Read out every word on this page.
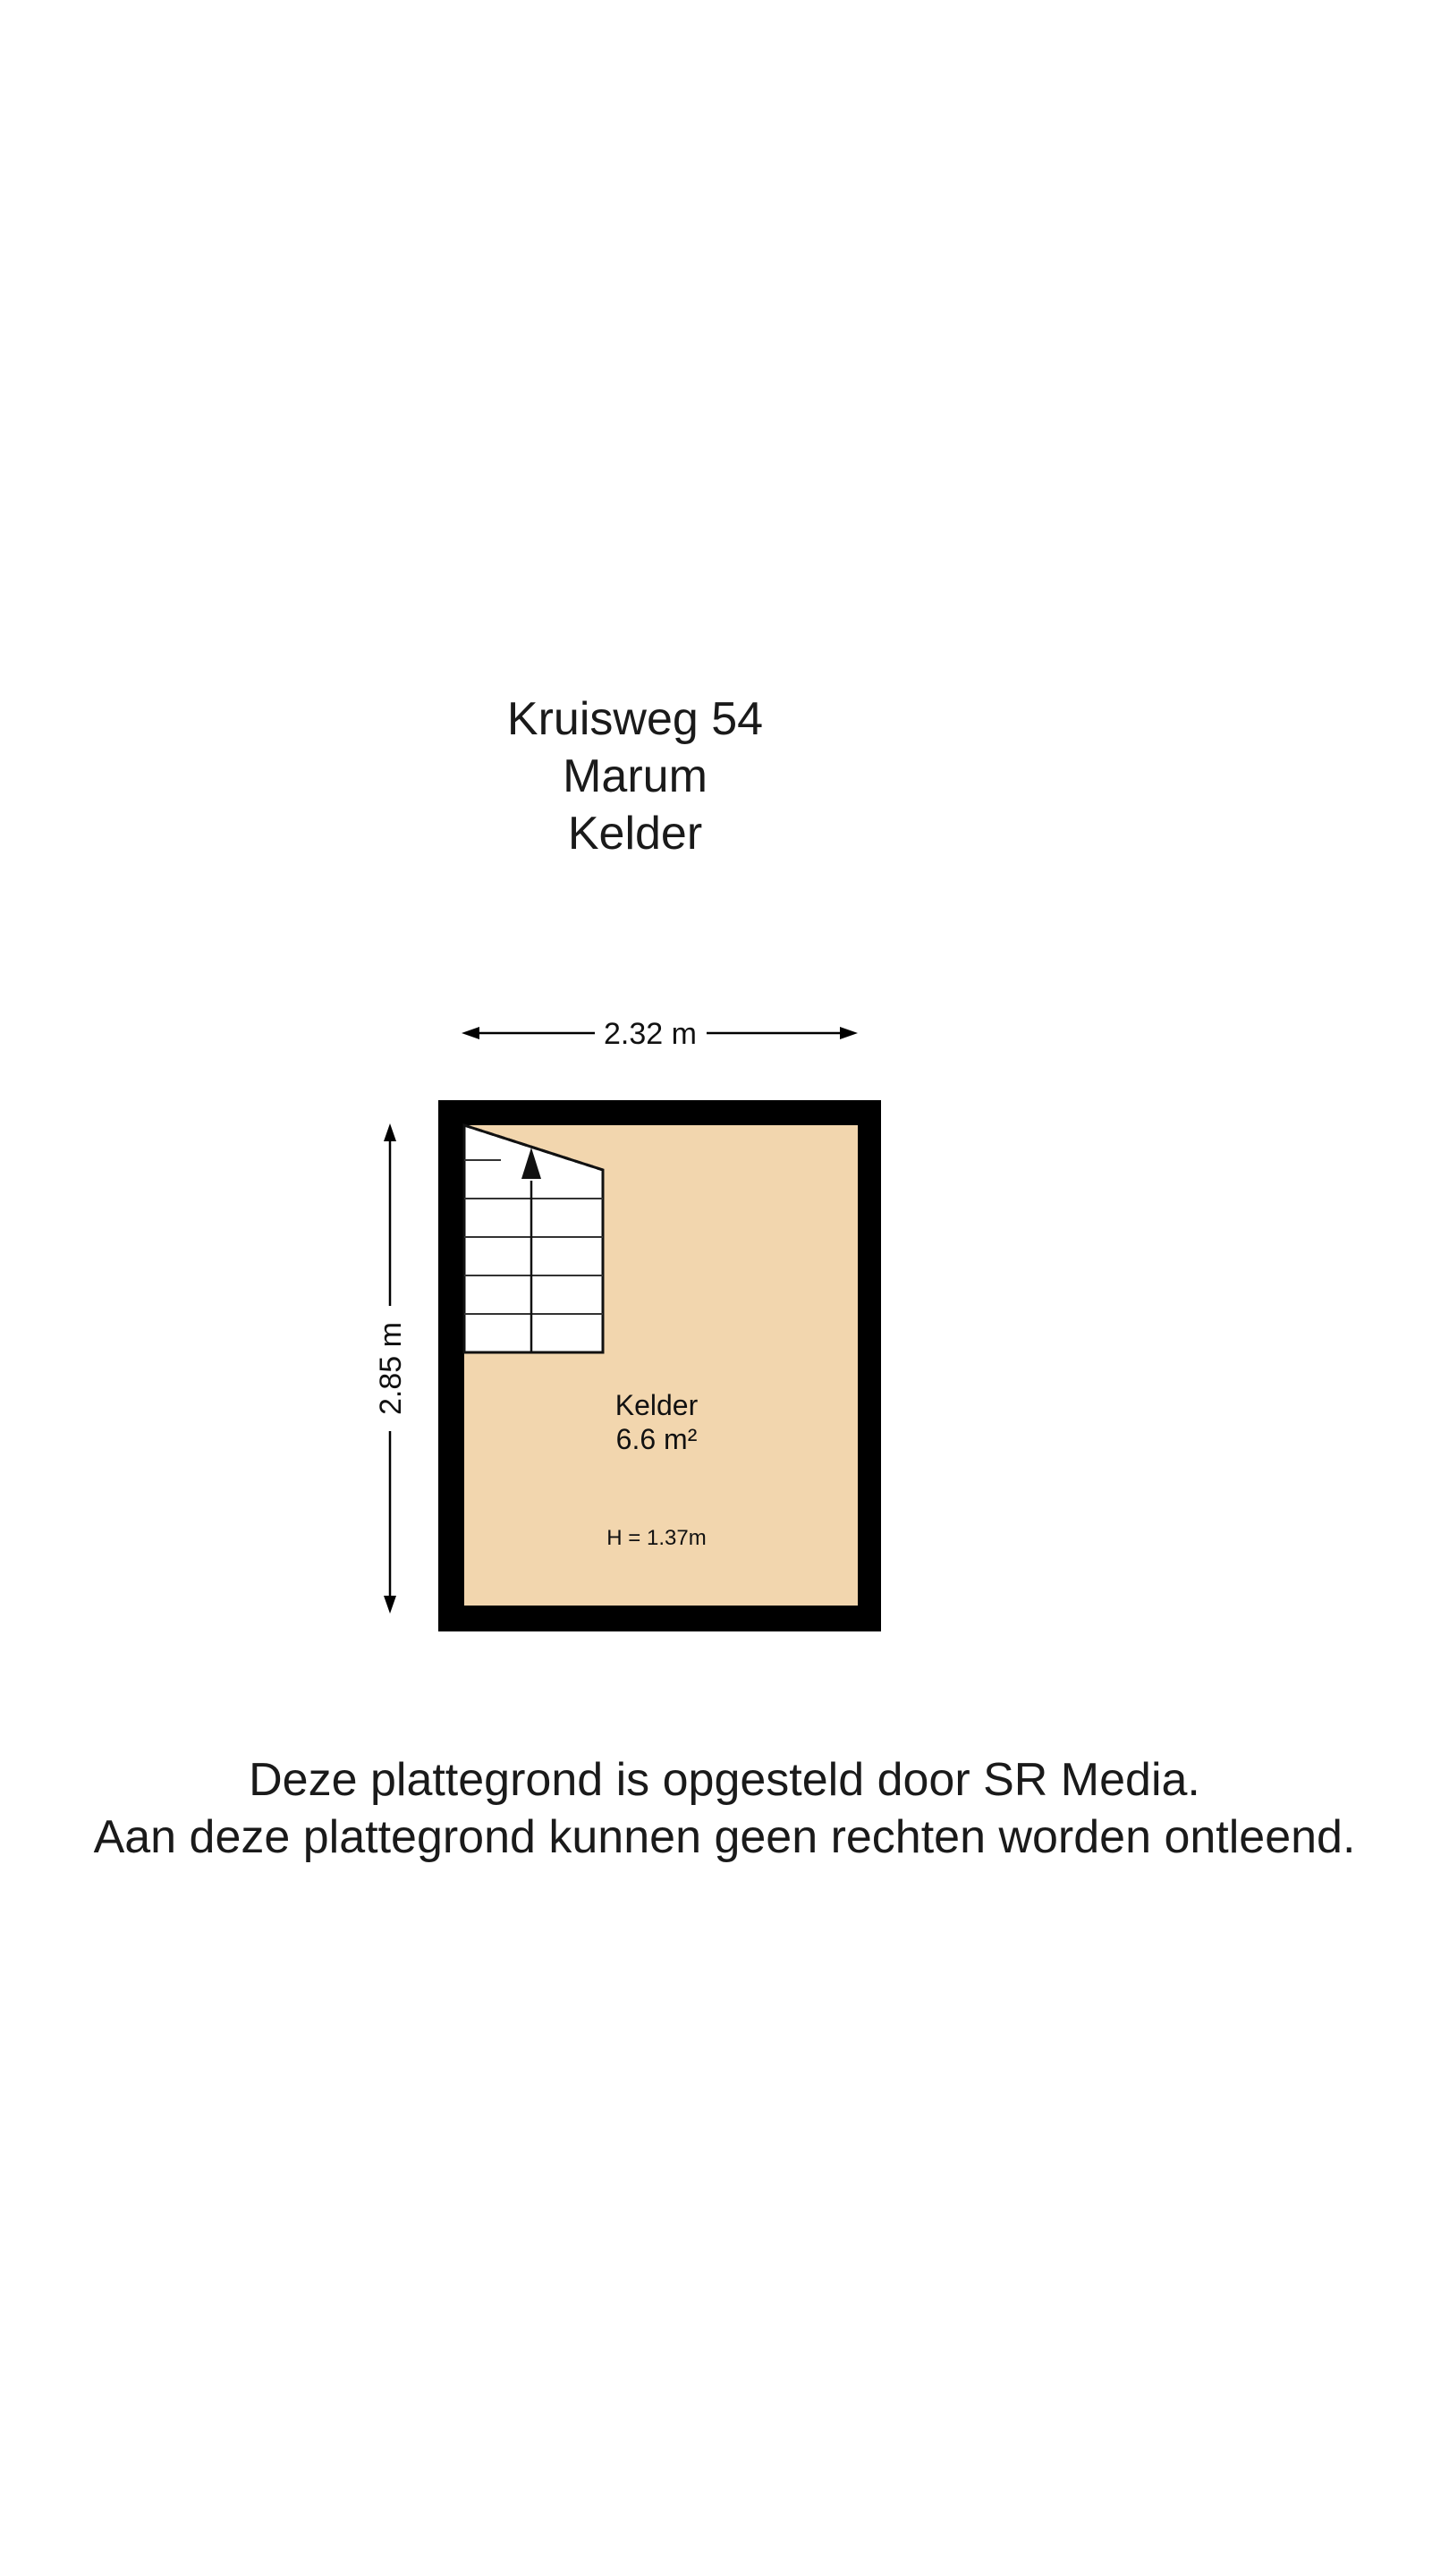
Kruisweg 54
Marum
Kelder
2.32 m
2.85 m	Kelder
6.6 m²
H = 1.37m
Deze plattegrond is opgesteld door SR Media.
Aan deze plattegrond kunnen geen rechten worden ontleend.
